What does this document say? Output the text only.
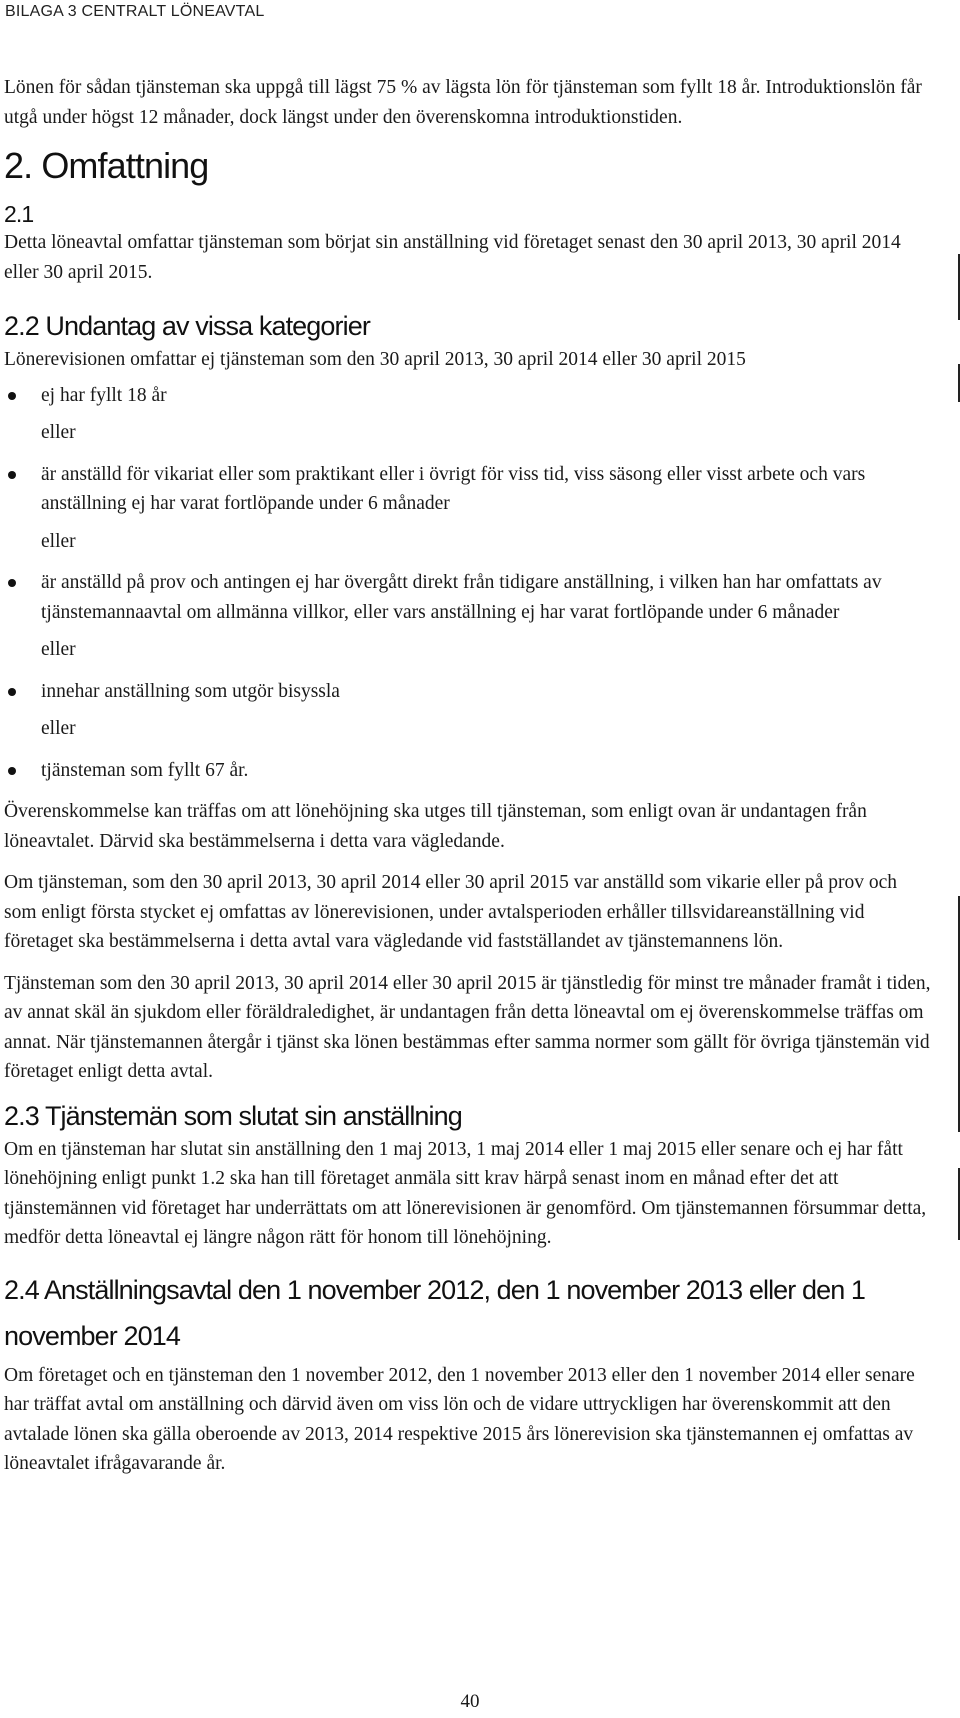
BILAGA 3 CENTRALT LÖNEAVTAL

Lönen för sådan tjänsteman ska uppgå till lägst 75 % av lägsta lön för tjänsteman som fyllt 18 år. Introduktionslön får utgå under högst 12 månader, dock längst under den överenskomna introduktionstiden.

2. Omfattning
2.1

Detta löneavtal omfattar tjänsteman som börjat sin anställning vid företaget senast den 30 april 2013, 30 april 2014 eller 30 april 2015.

2.2 Undantag av vissa kategorier

Lönerevisionen omfattar ej tjänsteman som den 30 april 2013, 30 april 2014 eller 30 april 2015

ej har fyllt 18 år
eller
är anställd för vikariat eller som praktikant eller i övrigt för viss tid, viss säsong eller visst arbete och vars anställning ej har varat fortlöpande under 6 månader
eller
är anställd på prov och antingen ej har övergått direkt från tidigare anställning, i vilken han har omfattats av tjänstemannaavtal om allmänna villkor, eller vars anställning ej har varat fortlöpande under 6 månader
eller
innehar anställning som utgör bisyssla
eller
tjänsteman som fyllt 67 år.

Överenskommelse kan träffas om att lönehöjning ska utges till tjänsteman, som enligt ovan är undantagen från löneavtalet. Därvid ska bestämmelserna i detta vara vägledande.

Om tjänsteman, som den 30 april 2013, 30 april 2014 eller 30 april 2015 var anställd som vikarie eller på prov och som enligt första stycket ej omfattas av lönerevisionen, under avtalsperioden erhåller tillsvidareanställning vid företaget ska bestämmelserna i detta avtal vara vägledande vid fastställandet av tjänstemannens lön.

Tjänsteman som den 30 april 2013, 30 april 2014 eller 30 april 2015 är tjänstledig för minst tre månader framåt i tiden, av annat skäl än sjukdom eller föräldraledighet, är undantagen från detta löneavtal om ej överenskommelse träffas om annat. När tjänstemannen återgår i tjänst ska lönen bestämmas efter samma normer som gällt för övriga tjänstemän vid företaget enligt detta avtal.

2.3 Tjänstemän som slutat sin anställning

Om en tjänsteman har slutat sin anställning den 1 maj 2013, 1 maj 2014 eller 1 maj 2015 eller senare och ej har fått lönehöjning enligt punkt 1.2 ska han till företaget anmäla sitt krav härpå senast inom en månad efter det att tjänstemännen vid företaget har underrättats om att lönerevisionen är genomförd. Om tjänstemannen försummar detta, medför detta löneavtal ej längre någon rätt för honom till lönehöjning.

2.4 Anställningsavtal den 1 november 2012, den 1 november 2013 eller den 1 november 2014

Om företaget och en tjänsteman den 1 november 2012, den 1 november 2013 eller den 1 november 2014 eller senare har träffat avtal om anställning och därvid även om viss lön och de vidare uttryckligen har överenskommit att den avtalade lönen ska gälla oberoende av 2013, 2014 respektive 2015 års lönerevision ska tjänstemannen ej omfattas av löneavtalet ifrågavarande år.

40
